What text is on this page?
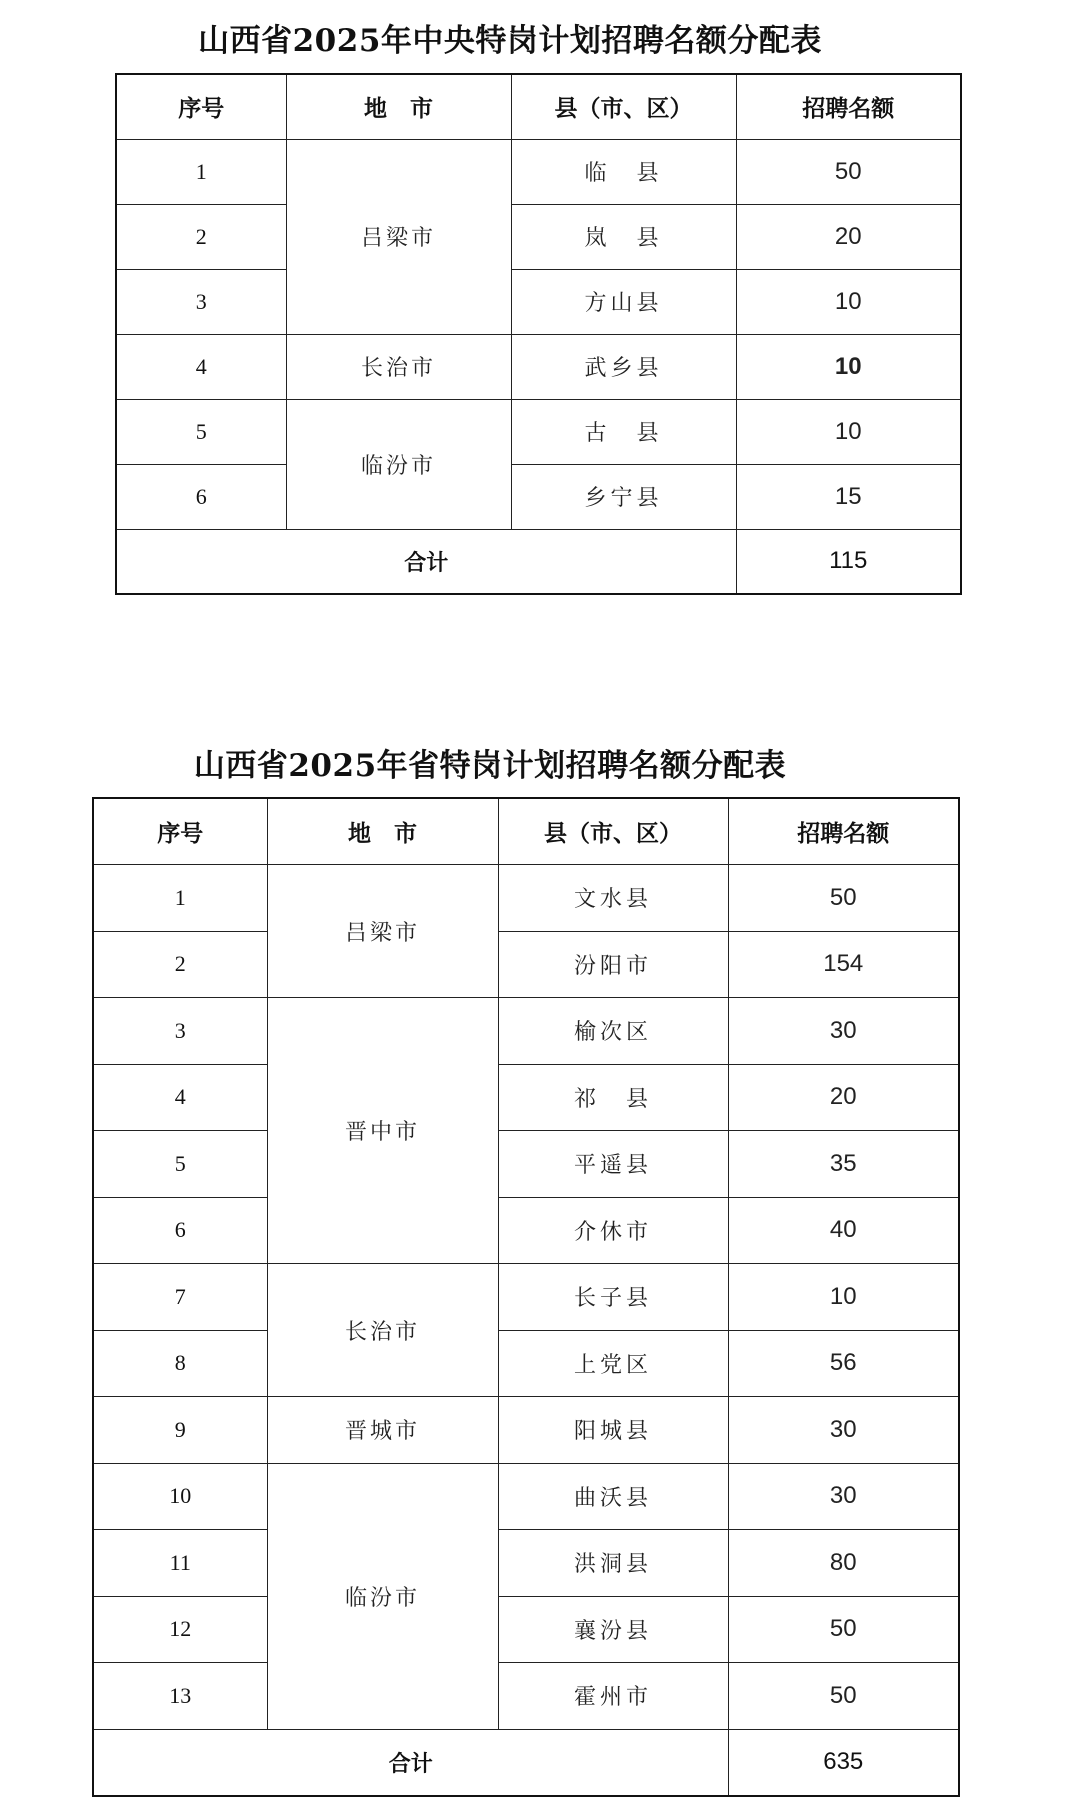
山西省2025年中央特岗计划招聘名额分配表
序号	地　市	县（市、区）	招聘名额
1	吕梁市	临　县	50
2		岚　县	20
3		方山县	10
4	长治市	武乡县	10
5	临汾市	古　县	10
6		乡宁县	15
合计			115
山西省2025年省特岗计划招聘名额分配表
序号	地　市	县（市、区）	招聘名额
1	吕梁市	文水县	50
2		汾阳市	154
3	晋中市	榆次区	30
4		祁　县	20
5		平遥县	35
6		介休市	40
7	长治市	长子县	10
8		上党区	56
9	晋城市	阳城县	30
10	临汾市	曲沃县	30
11		洪洞县	80
12		襄汾县	50
13		霍州市	50
合计			635
